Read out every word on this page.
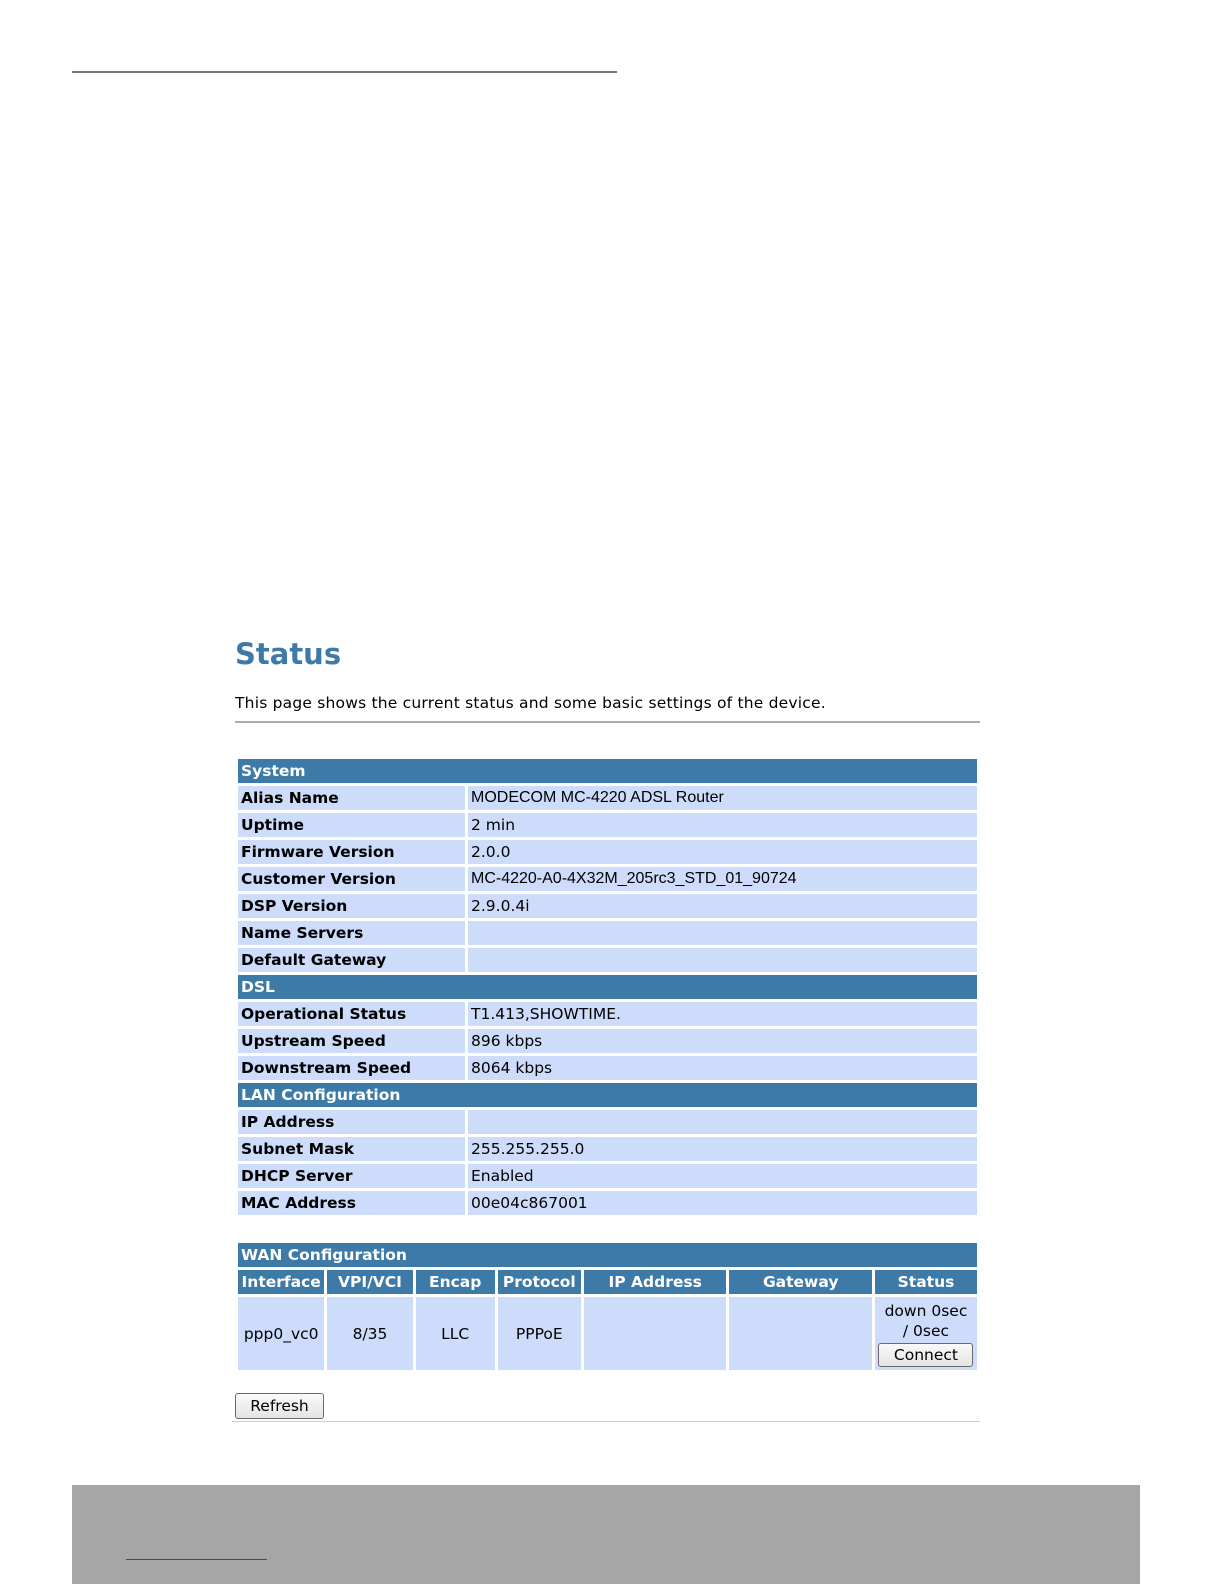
Status
This page shows the current status and some basic settings of the device.
System	
Alias Name	MODECOM MC-4220 ADSL Router
Uptime	2 min
Firmware Version	2.0.0
Customer Version	MC-4220-A0-4X32M_205rc3_STD_01_90724
DSP Version	2.9.0.4i
Name Servers	
Default Gateway	
DSL	
Operational Status	T1.413,SHOWTIME.
Upstream Speed	896 kbps
Downstream Speed	8064 kbps
LAN Configuration	
IP Address	
Subnet Mask	255.255.255.0
DHCP Server	Enabled
MAC Address	00e04c867001
WAN Configuration						
Interface	VPI/VCI	Encap	Protocol	IP Address	Gateway	Status
ppp0_vc0	8/35	LLC	PPPoE			down 0sec
/ 0sec
Connect
Refresh
